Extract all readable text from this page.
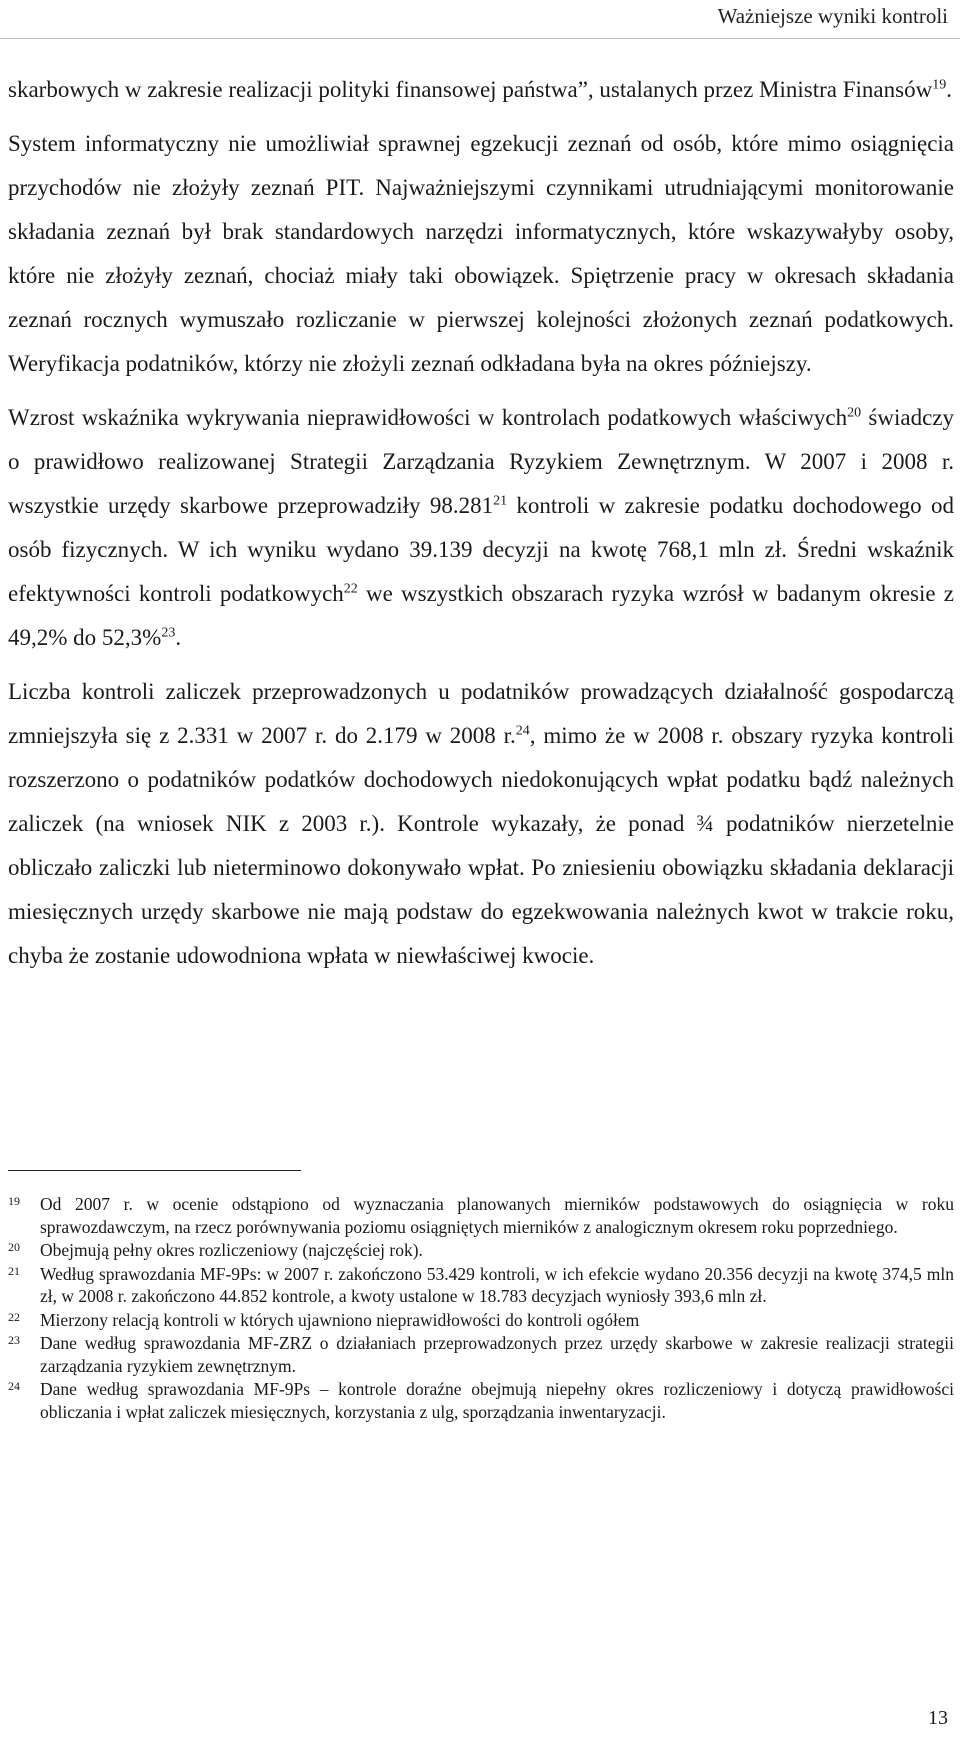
Ważniejsze wyniki kontroli

skarbowych w zakresie realizacji polityki finansowej państwa”, ustalanych przez Ministra Finansów$^{19}$.

System informatyczny nie umożliwiał sprawnej egzekucji zeznań od osób, które mimo osiągnięcia przychodów nie złożyły zeznań PIT. Najważniejszymi czynnikami utrudniającymi monitorowanie składania zeznań był brak standardowych narzędzi informatycznych, które wskazywałyby osoby, które nie złożyły zeznań, chociaż miały taki obowiązek. Spiętrzenie pracy w okresach składania zeznań rocznych wymuszało rozliczanie w pierwszej kolejności złożonych zeznań podatkowych. Weryfikacja podatników, którzy nie złożyli zeznań odkładana była na okres późniejszy.

Wzrost wskaźnika wykrywania nieprawidłowości w kontrolach podatkowych właściwych$^{20}$ świadczy o prawidłowo realizowanej Strategii Zarządzania Ryzykiem Zewnętrznym. W 2007 i 2008 r. wszystkie urzędy skarbowe przeprowadziły 98.281$^{21}$ kontroli w zakresie podatku dochodowego od osób fizycznych. W ich wyniku wydano 39.139 decyzji na kwotę 768,1 mln zł. Średni wskaźnik efektywności kontroli podatkowych$^{22}$ we wszystkich obszarach ryzyka wzrósł w badanym okresie z 49,2% do 52,3%$^{23}$.

Liczba kontroli zaliczek przeprowadzonych u podatników prowadzących działalność gospodarczą zmniejszyła się z 2.331 w 2007 r. do 2.179 w 2008 r.$^{24}$, mimo że w 2008 r. obszary ryzyka kontroli rozszerzono o podatników podatków dochodowych niedokonujących wpłat podatku bądź należnych zaliczek (na wniosek NIK z 2003 r.). Kontrole wykazały, że ponad ¾ podatników nierzetelnie obliczało zaliczki lub nieterminowo dokonywało wpłat. Po zniesieniu obowiązku składania deklaracji miesięcznych urzędy skarbowe nie mają podstaw do egzekwowania należnych kwot w trakcie roku, chyba że zostanie udowodniona wpłata w niewłaściwej kwocie.

19	Od 2007 r. w ocenie odstąpiono od wyznaczania planowanych mierników podstawowych do osiągnięcia w roku sprawozdawczym, na rzecz porównywania poziomu osiągniętych mierników z analogicznym okresem roku poprzedniego.
20	Obejmują pełny okres rozliczeniowy (najczęściej rok).
21	Według sprawozdania MF-9Ps: w 2007 r. zakończono 53.429 kontroli, w ich efekcie wydano 20.356 decyzji na kwotę 374,5 mln zł, w 2008 r. zakończono 44.852 kontrole, a kwoty ustalone w 18.783 decyzjach wyniosły 393,6 mln zł.
22	Mierzony relacją kontroli w których ujawniono nieprawidłowości do kontroli ogółem
23	Dane według sprawozdania MF-ZRZ o działaniach przeprowadzonych przez urzędy skarbowe w zakresie realizacji strategii zarządzania ryzykiem zewnętrznym.
24	Dane według sprawozdania MF-9Ps – kontrole doraźne obejmują niepełny okres rozliczeniowy i dotyczą prawidłowości obliczania i wpłat zaliczek miesięcznych, korzystania z ulg, sporządzania inwentaryzacji.
13
